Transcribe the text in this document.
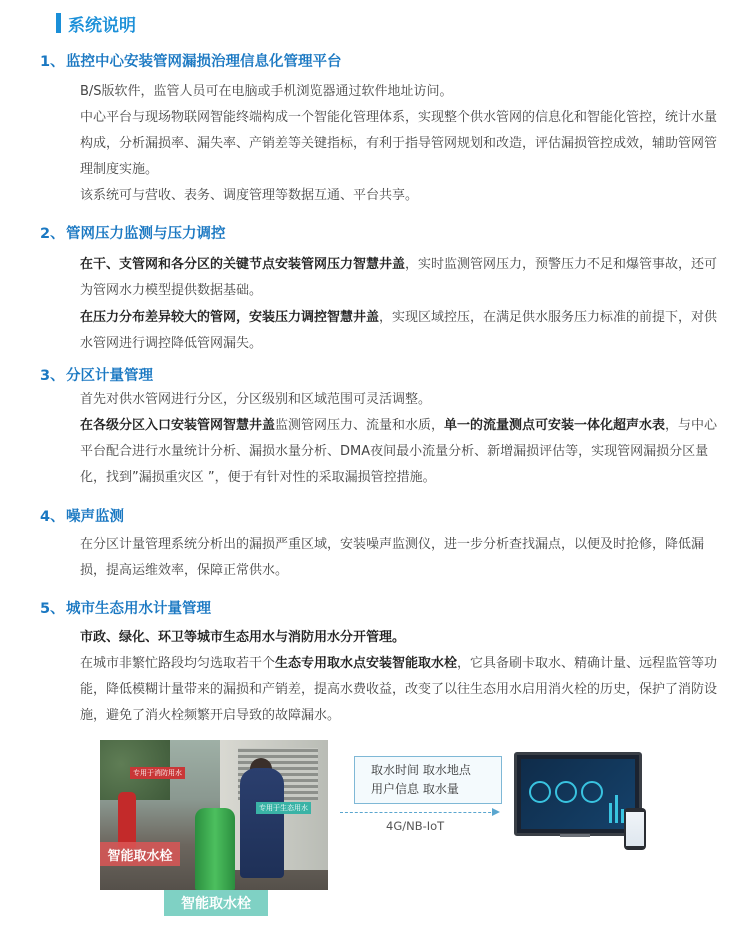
系统说明
1、 监控中心安装管网漏损治理信息化管理平台
B/S版软件，监管人员可在电脑或手机浏览器通过软件地址访问。
中心平台与现场物联网智能终端构成一个智能化管理体系，实现整个供水管网的信息化和智能化管控，统计水量构成，分析漏损率、漏失率、产销差等关键指标，有利于指导管网规划和改造，评估漏损管控成效，辅助管网管理制度实施。
该系统可与营收、表务、调度管理等数据互通、平台共享。
2、 管网压力监测与压力调控
在干、支管网和各分区的关键节点安装管网压力智慧井盖，实时监测管网压力，预警压力不足和爆管事故，还可为管网水力模型提供数据基础。
在压力分布差异较大的管网，安装压力调控智慧井盖，实现区域控压，在满足供水服务压力标准的前提下，对供水管网进行调控降低管网漏失。
3、 分区计量管理
首先对供水管网进行分区，分区级别和区域范围可灵活调整。
在各级分区入口安装管网智慧井盖监测管网压力、流量和水质，单一的流量测点可安装一体化超声水表，与中心平台配合进行水量统计分析、漏损水量分析、DMA夜间最小流量分析、新增漏损评估等，实现管网漏损分区量化，找到”漏损重灾区 ”，便于有针对性的采取漏损管控措施。
4、 噪声监测
在分区计量管理系统分析出的漏损严重区域，安装噪声监测仪，进一步分析查找漏点，以便及时抢修，降低漏损，提高运维效率，保障正常供水。
5、 城市生态用水计量管理
市政、绿化、环卫等城市生态用水与消防用水分开管理。
在城市非繁忙路段均匀选取若干个生态专用取水点安装智能取水栓，它具备刷卡取水、精确计量、远程监管等功能，降低模糊计量带来的漏损和产销差，提高水费收益，改变了以往生态用水启用消火栓的历史，保护了消防设施，避免了消火栓频繁开启导致的故障漏水。
专用于消防用水
专用于生态用水
智能取水栓
智能取水栓
取水时间 取水地点
用户信息 取水量
4G/NB-IoT
